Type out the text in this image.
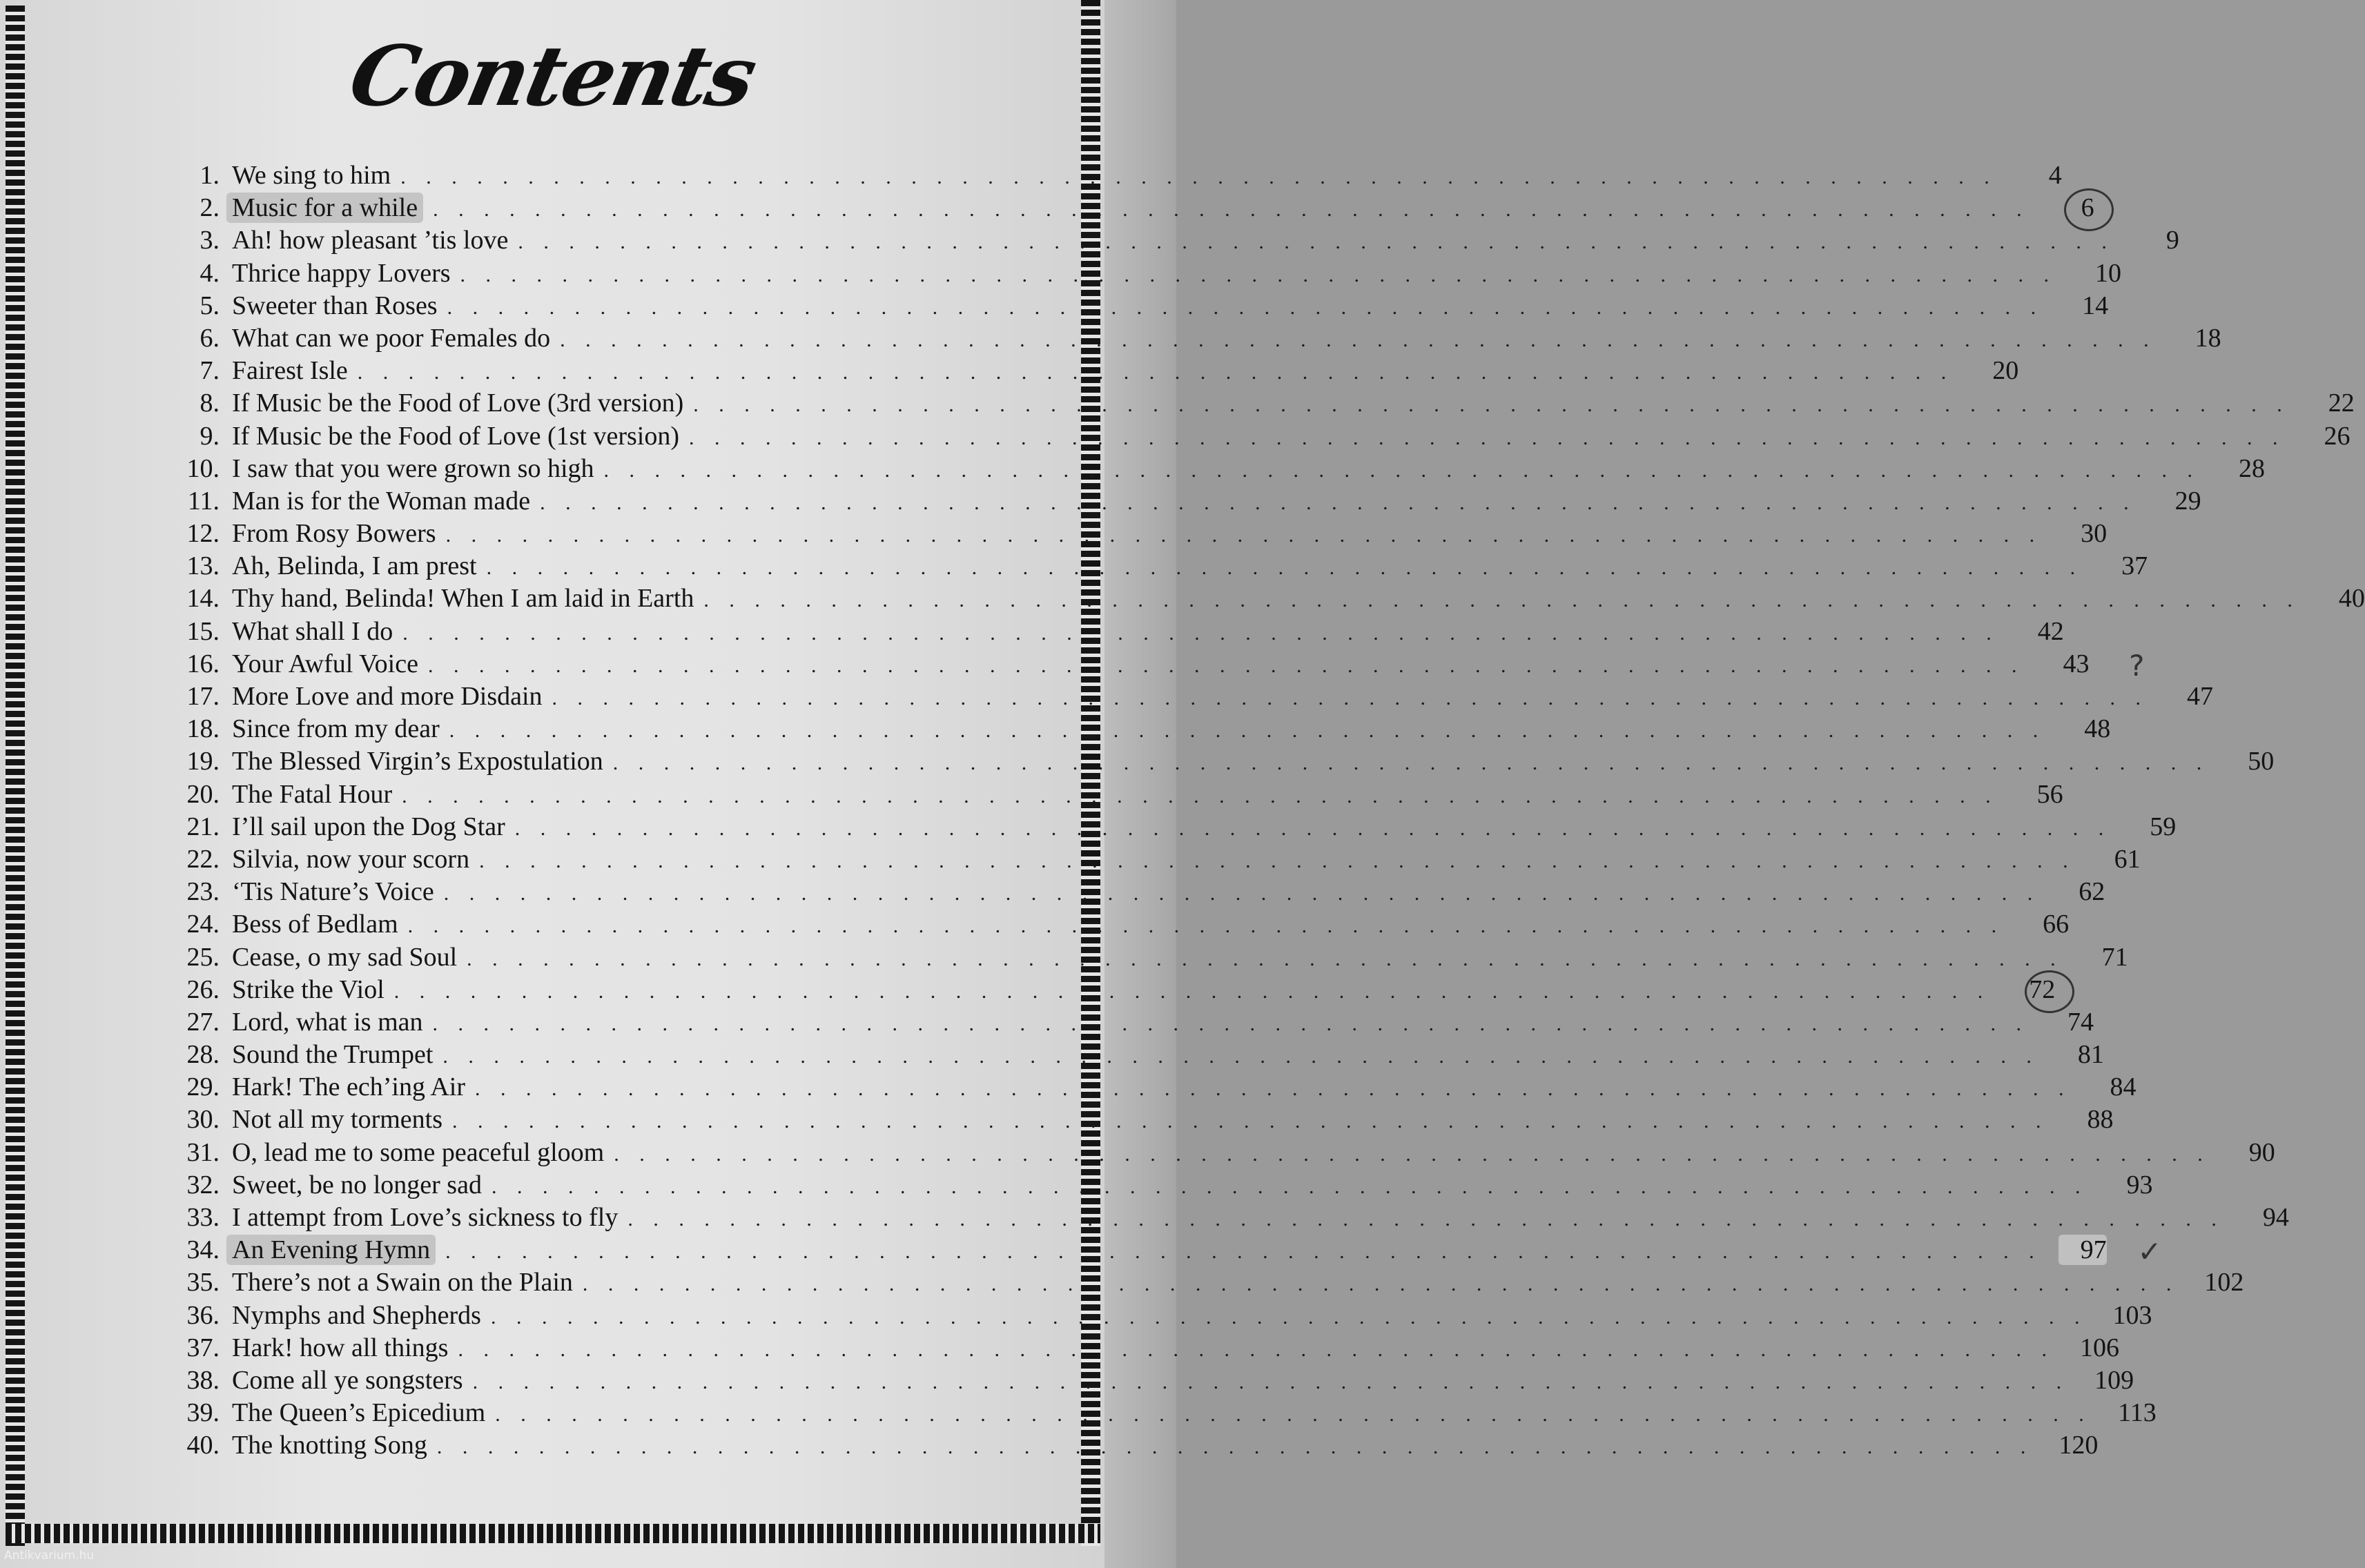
Contents
1. We sing to him . . . . . . . . . . . . . . . . . . . . . . . . . . . . . . . . . . . . . . . . . . . . . . . . . . . . . . . . . . . . . . .	4
2. Music for a while . . . . . . . . . . . . . . . . . . . . . . . . . . . . . . . . . . . . . . . . . . . . . . . . . . . . . . . . . . . . . . .	6
3. Ah! how pleasant ’tis love . . . . . . . . . . . . . . . . . . . . . . . . . . . . . . . . . . . . . . . . . . . . . . . . . . . . . . . . . . . . . . .	9
4. Thrice happy Lovers . . . . . . . . . . . . . . . . . . . . . . . . . . . . . . . . . . . . . . . . . . . . . . . . . . . . . . . . . . . . . . .	10
5. Sweeter than Roses . . . . . . . . . . . . . . . . . . . . . . . . . . . . . . . . . . . . . . . . . . . . . . . . . . . . . . . . . . . . . . .	14
6. What can we poor Females do . . . . . . . . . . . . . . . . . . . . . . . . . . . . . . . . . . . . . . . . . . . . . . . . . . . . . . . . . . . . . . .	18
7. Fairest Isle . . . . . . . . . . . . . . . . . . . . . . . . . . . . . . . . . . . . . . . . . . . . . . . . . . . . . . . . . . . . . . .	20
8. If Music be the Food of Love (3rd version) . . . . . . . . . . . . . . . . . . . . . . . . . . . . . . . . . . . . . . . . . . . . . . . . . . . . . . . . . . . . . . .	22
9. If Music be the Food of Love (1st version) . . . . . . . . . . . . . . . . . . . . . . . . . . . . . . . . . . . . . . . . . . . . . . . . . . . . . . . . . . . . . . .	26
10. I saw that you were grown so high . . . . . . . . . . . . . . . . . . . . . . . . . . . . . . . . . . . . . . . . . . . . . . . . . . . . . . . . . . . . . . .	28
11. Man is for the Woman made . . . . . . . . . . . . . . . . . . . . . . . . . . . . . . . . . . . . . . . . . . . . . . . . . . . . . . . . . . . . . . .	29
12. From Rosy Bowers . . . . . . . . . . . . . . . . . . . . . . . . . . . . . . . . . . . . . . . . . . . . . . . . . . . . . . . . . . . . . . .	30
13. Ah, Belinda, I am prest . . . . . . . . . . . . . . . . . . . . . . . . . . . . . . . . . . . . . . . . . . . . . . . . . . . . . . . . . . . . . . .	37
14. Thy hand, Belinda! When I am laid in Earth . . . . . . . . . . . . . . . . . . . . . . . . . . . . . . . . . . . . . . . . . . . . . . . . . . . . . . . . . . . . . . .	40
15. What shall I do . . . . . . . . . . . . . . . . . . . . . . . . . . . . . . . . . . . . . . . . . . . . . . . . . . . . . . . . . . . . . . .	42
16. Your Awful Voice . . . . . . . . . . . . . . . . . . . . . . . . . . . . . . . . . . . . . . . . . . . . . . . . . . . . . . . . . . . . . . .	43 ?
17. More Love and more Disdain . . . . . . . . . . . . . . . . . . . . . . . . . . . . . . . . . . . . . . . . . . . . . . . . . . . . . . . . . . . . . . .	47
18. Since from my dear . . . . . . . . . . . . . . . . . . . . . . . . . . . . . . . . . . . . . . . . . . . . . . . . . . . . . . . . . . . . . . .	48
19. The Blessed Virgin’s Expostulation . . . . . . . . . . . . . . . . . . . . . . . . . . . . . . . . . . . . . . . . . . . . . . . . . . . . . . . . . . . . . . .	50
20. The Fatal Hour . . . . . . . . . . . . . . . . . . . . . . . . . . . . . . . . . . . . . . . . . . . . . . . . . . . . . . . . . . . . . . .	56
21. I’ll sail upon the Dog Star . . . . . . . . . . . . . . . . . . . . . . . . . . . . . . . . . . . . . . . . . . . . . . . . . . . . . . . . . . . . . . .	59
22. Silvia, now your scorn . . . . . . . . . . . . . . . . . . . . . . . . . . . . . . . . . . . . . . . . . . . . . . . . . . . . . . . . . . . . . . .	61
23. ‘Tis Nature’s Voice . . . . . . . . . . . . . . . . . . . . . . . . . . . . . . . . . . . . . . . . . . . . . . . . . . . . . . . . . . . . . . .	62
24. Bess of Bedlam . . . . . . . . . . . . . . . . . . . . . . . . . . . . . . . . . . . . . . . . . . . . . . . . . . . . . . . . . . . . . . .	66
25. Cease, o my sad Soul . . . . . . . . . . . . . . . . . . . . . . . . . . . . . . . . . . . . . . . . . . . . . . . . . . . . . . . . . . . . . . .	71
26. Strike the Viol . . . . . . . . . . . . . . . . . . . . . . . . . . . . . . . . . . . . . . . . . . . . . . . . . . . . . . . . . . . . . . .	72
27. Lord, what is man . . . . . . . . . . . . . . . . . . . . . . . . . . . . . . . . . . . . . . . . . . . . . . . . . . . . . . . . . . . . . . .	74
28. Sound the Trumpet . . . . . . . . . . . . . . . . . . . . . . . . . . . . . . . . . . . . . . . . . . . . . . . . . . . . . . . . . . . . . . .	81
29. Hark! The ech’ing Air . . . . . . . . . . . . . . . . . . . . . . . . . . . . . . . . . . . . . . . . . . . . . . . . . . . . . . . . . . . . . . .	84
30. Not all my torments . . . . . . . . . . . . . . . . . . . . . . . . . . . . . . . . . . . . . . . . . . . . . . . . . . . . . . . . . . . . . . .	88
31. O, lead me to some peaceful gloom . . . . . . . . . . . . . . . . . . . . . . . . . . . . . . . . . . . . . . . . . . . . . . . . . . . . . . . . . . . . . . .	90
32. Sweet, be no longer sad . . . . . . . . . . . . . . . . . . . . . . . . . . . . . . . . . . . . . . . . . . . . . . . . . . . . . . . . . . . . . . .	93
33. I attempt from Love’s sickness to fly . . . . . . . . . . . . . . . . . . . . . . . . . . . . . . . . . . . . . . . . . . . . . . . . . . . . . . . . . . . . . . .	94
34. An Evening Hymn . . . . . . . . . . . . . . . . . . . . . . . . . . . . . . . . . . . . . . . . . . . . . . . . . . . . . . . . . . . . . . .	97 ✓
35. There’s not a Swain on the Plain . . . . . . . . . . . . . . . . . . . . . . . . . . . . . . . . . . . . . . . . . . . . . . . . . . . . . . . . . . . . . . . 102
36. Nymphs and Shepherds . . . . . . . . . . . . . . . . . . . . . . . . . . . . . . . . . . . . . . . . . . . . . . . . . . . . . . . . . . . . . . . 103
37. Hark! how all things . . . . . . . . . . . . . . . . . . . . . . . . . . . . . . . . . . . . . . . . . . . . . . . . . . . . . . . . . . . . . . . 106
38. Come all ye songsters . . . . . . . . . . . . . . . . . . . . . . . . . . . . . . . . . . . . . . . . . . . . . . . . . . . . . . . . . . . . . . . 109
39. The Queen’s Epicedium . . . . . . . . . . . . . . . . . . . . . . . . . . . . . . . . . . . . . . . . . . . . . . . . . . . . . . . . . . . . . . .	113
40. The knotting Song . . . . . . . . . . . . . . . . . . . . . . . . . . . . . . . . . . . . . . . . . . . . . . . . . . . . . . . . . . . . . . . 120
Antikvarium.hu
